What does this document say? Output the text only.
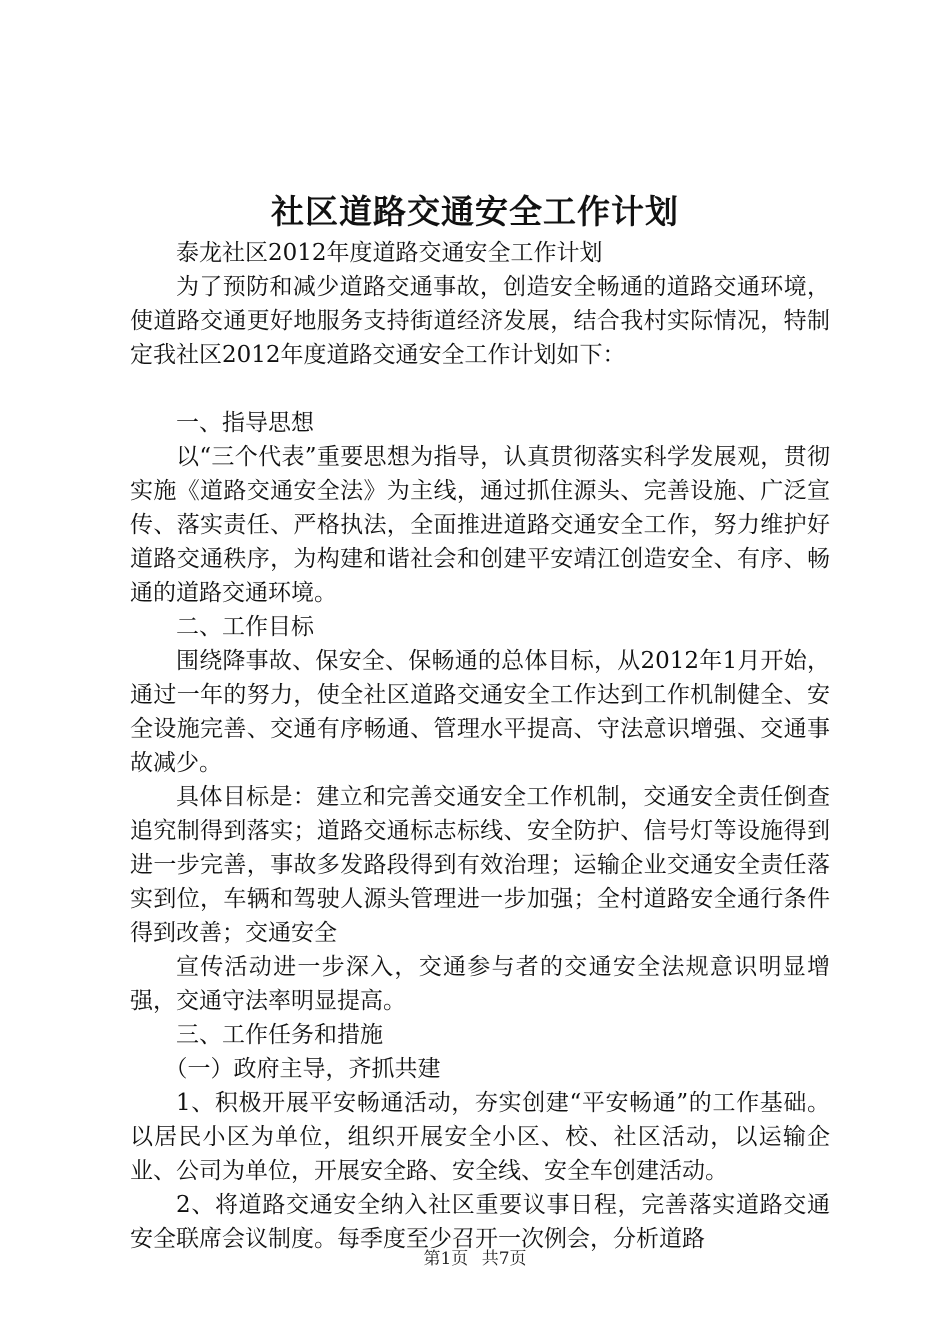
社区道路交通安全工作计划

泰龙社区2012年度道路交通安全工作计划

为了预防和减少道路交通事故，创造安全畅通的道路交通环境，使道路交通更好地服务支持街道经济发展，结合我村实际情况，特制定我社区2012年度道路交通安全工作计划如下：

一、指导思想

以“三个代表”重要思想为指导，认真贯彻落实科学发展观，贯彻实施《道路交通安全法》为主线，通过抓住源头、完善设施、广泛宣传、落实责任、严格执法，全面推进道路交通安全工作，努力维护好道路交通秩序，为构建和谐社会和创建平安靖江创造安全、有序、畅通的道路交通环境。

二、工作目标

围绕降事故、保安全、保畅通的总体目标，从2012年1月开始，通过一年的努力，使全社区道路交通安全工作达到工作机制健全、安全设施完善、交通有序畅通、管理水平提高、守法意识增强、交通事故减少。

具体目标是：建立和完善交通安全工作机制，交通安全责任倒查追究制得到落实；道路交通标志标线、安全防护、信号灯等设施得到进一步完善，事故多发路段得到有效治理；运输企业交通安全责任落实到位，车辆和驾驶人源头管理进一步加强；全村道路安全通行条件得到改善；交通安全

宣传活动进一步深入，交通参与者的交通安全法规意识明显增强，交通守法率明显提高。

三、工作任务和措施

（一）政府主导，齐抓共建

1、积极开展平安畅通活动，夯实创建“平安畅通”的工作基础。以居民小区为单位，组织开展安全小区、校、社区活动，以运输企业、公司为单位，开展安全路、安全线、安全车创建活动。

2、将道路交通安全纳入社区重要议事日程，完善落实道路交通安全联席会议制度。每季度至少召开一次例会，分析道路

第1页 共7页
